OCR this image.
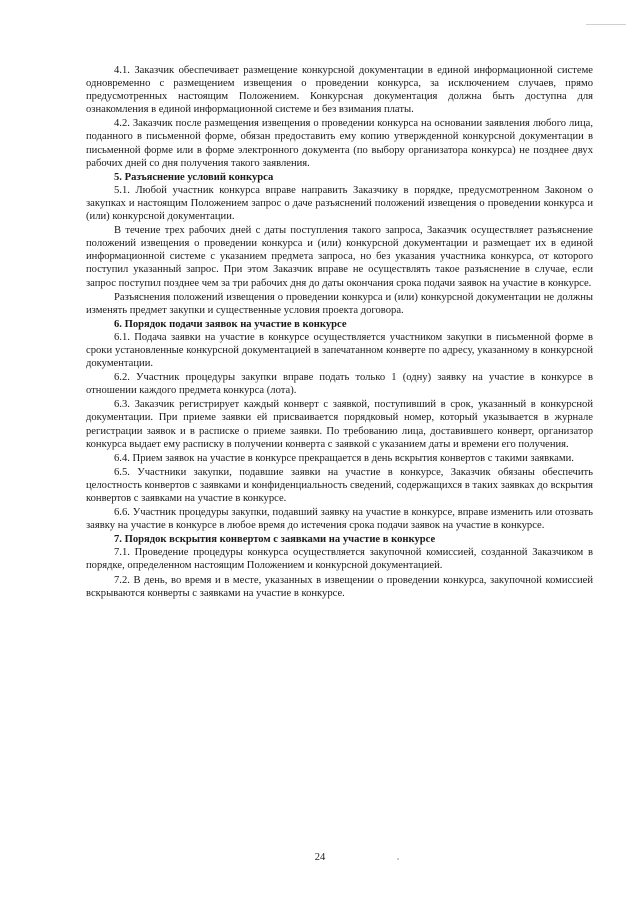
4.1. Заказчик обеспечивает размещение конкурсной документации в единой информационной системе одновременно с размещением извещения о проведении конкурса, за исключением случаев, прямо предусмотренных настоящим Положением. Конкурсная документация должна быть доступна для ознакомления в единой информационной системе и без взимания платы.

4.2. Заказчик после размещения извещения о проведении конкурса на основании заявления любого лица, поданного в письменной форме, обязан предоставить ему копию утвержденной конкурсной документации в письменной форме или в форме электронного документа (по выбору организатора конкурса) не позднее двух рабочих дней со дня получения такого заявления.

5. Разъяснение условий конкурса

5.1. Любой участник конкурса вправе направить Заказчику в порядке, предусмотренном Законом о закупках и настоящим Положением запрос о даче разъяснений положений извещения о проведении конкурса и (или) конкурсной документации.

В течение трех рабочих дней с даты поступления такого запроса, Заказчик осуществляет разъяснение положений извещения о проведении конкурса и (или) конкурсной документации и размещает их в единой информационной системе с указанием предмета запроса, но без указания участника конкурса, от которого поступил указанный запрос. При этом Заказчик вправе не осуществлять такое разъяснение в случае, если запрос поступил позднее чем за три рабочих дня до даты окончания срока подачи заявок на участие в конкурсе.

Разъяснения положений извещения о проведении конкурса и (или) конкурсной документации не должны изменять предмет закупки и существенные условия проекта договора.

6. Порядок подачи заявок на участие в конкурсе

6.1. Подача заявки на участие в конкурсе осуществляется участником закупки в письменной форме в сроки установленные конкурсной документацией в запечатанном конверте по адресу, указанному в конкурсной документации.

6.2. Участник процедуры закупки вправе подать только 1 (одну) заявку на участие в конкурсе в отношении каждого предмета конкурса (лота).

6.3. Заказчик регистрирует каждый конверт с заявкой, поступивший в срок, указанный в конкурсной документации. При приеме заявки ей присваивается порядковый номер, который указывается в журнале регистрации заявок и в расписке о приеме заявки. По требованию лица, доставившего конверт, организатор конкурса выдает ему расписку в получении конверта с заявкой с указанием даты и времени его получения.

6.4. Прием заявок на участие в конкурсе прекращается в день вскрытия конвертов с такими заявками.

6.5. Участники закупки, подавшие заявки на участие в конкурсе, Заказчик обязаны обеспечить целостность конвертов с заявками и конфиденциальность сведений, содержащихся в таких заявках до вскрытия конвертов с заявками на участие в конкурсе.

6.6. Участник процедуры закупки, подавший заявку на участие в конкурсе, вправе изменить или отозвать заявку на участие в конкурсе в любое время до истечения срока подачи заявок на участие в конкурсе.

7. Порядок вскрытия конвертом с заявками на участие в конкурсе

7.1. Проведение процедуры конкурса осуществляется закупочной комиссией, созданной Заказчиком в порядке, определенном настоящим Положением и конкурсной документацией.

7.2. В день, во время и в месте, указанных в извещении о проведении конкурса, закупочной комиссией вскрываются конверты с заявками на участие в конкурсе.

24
